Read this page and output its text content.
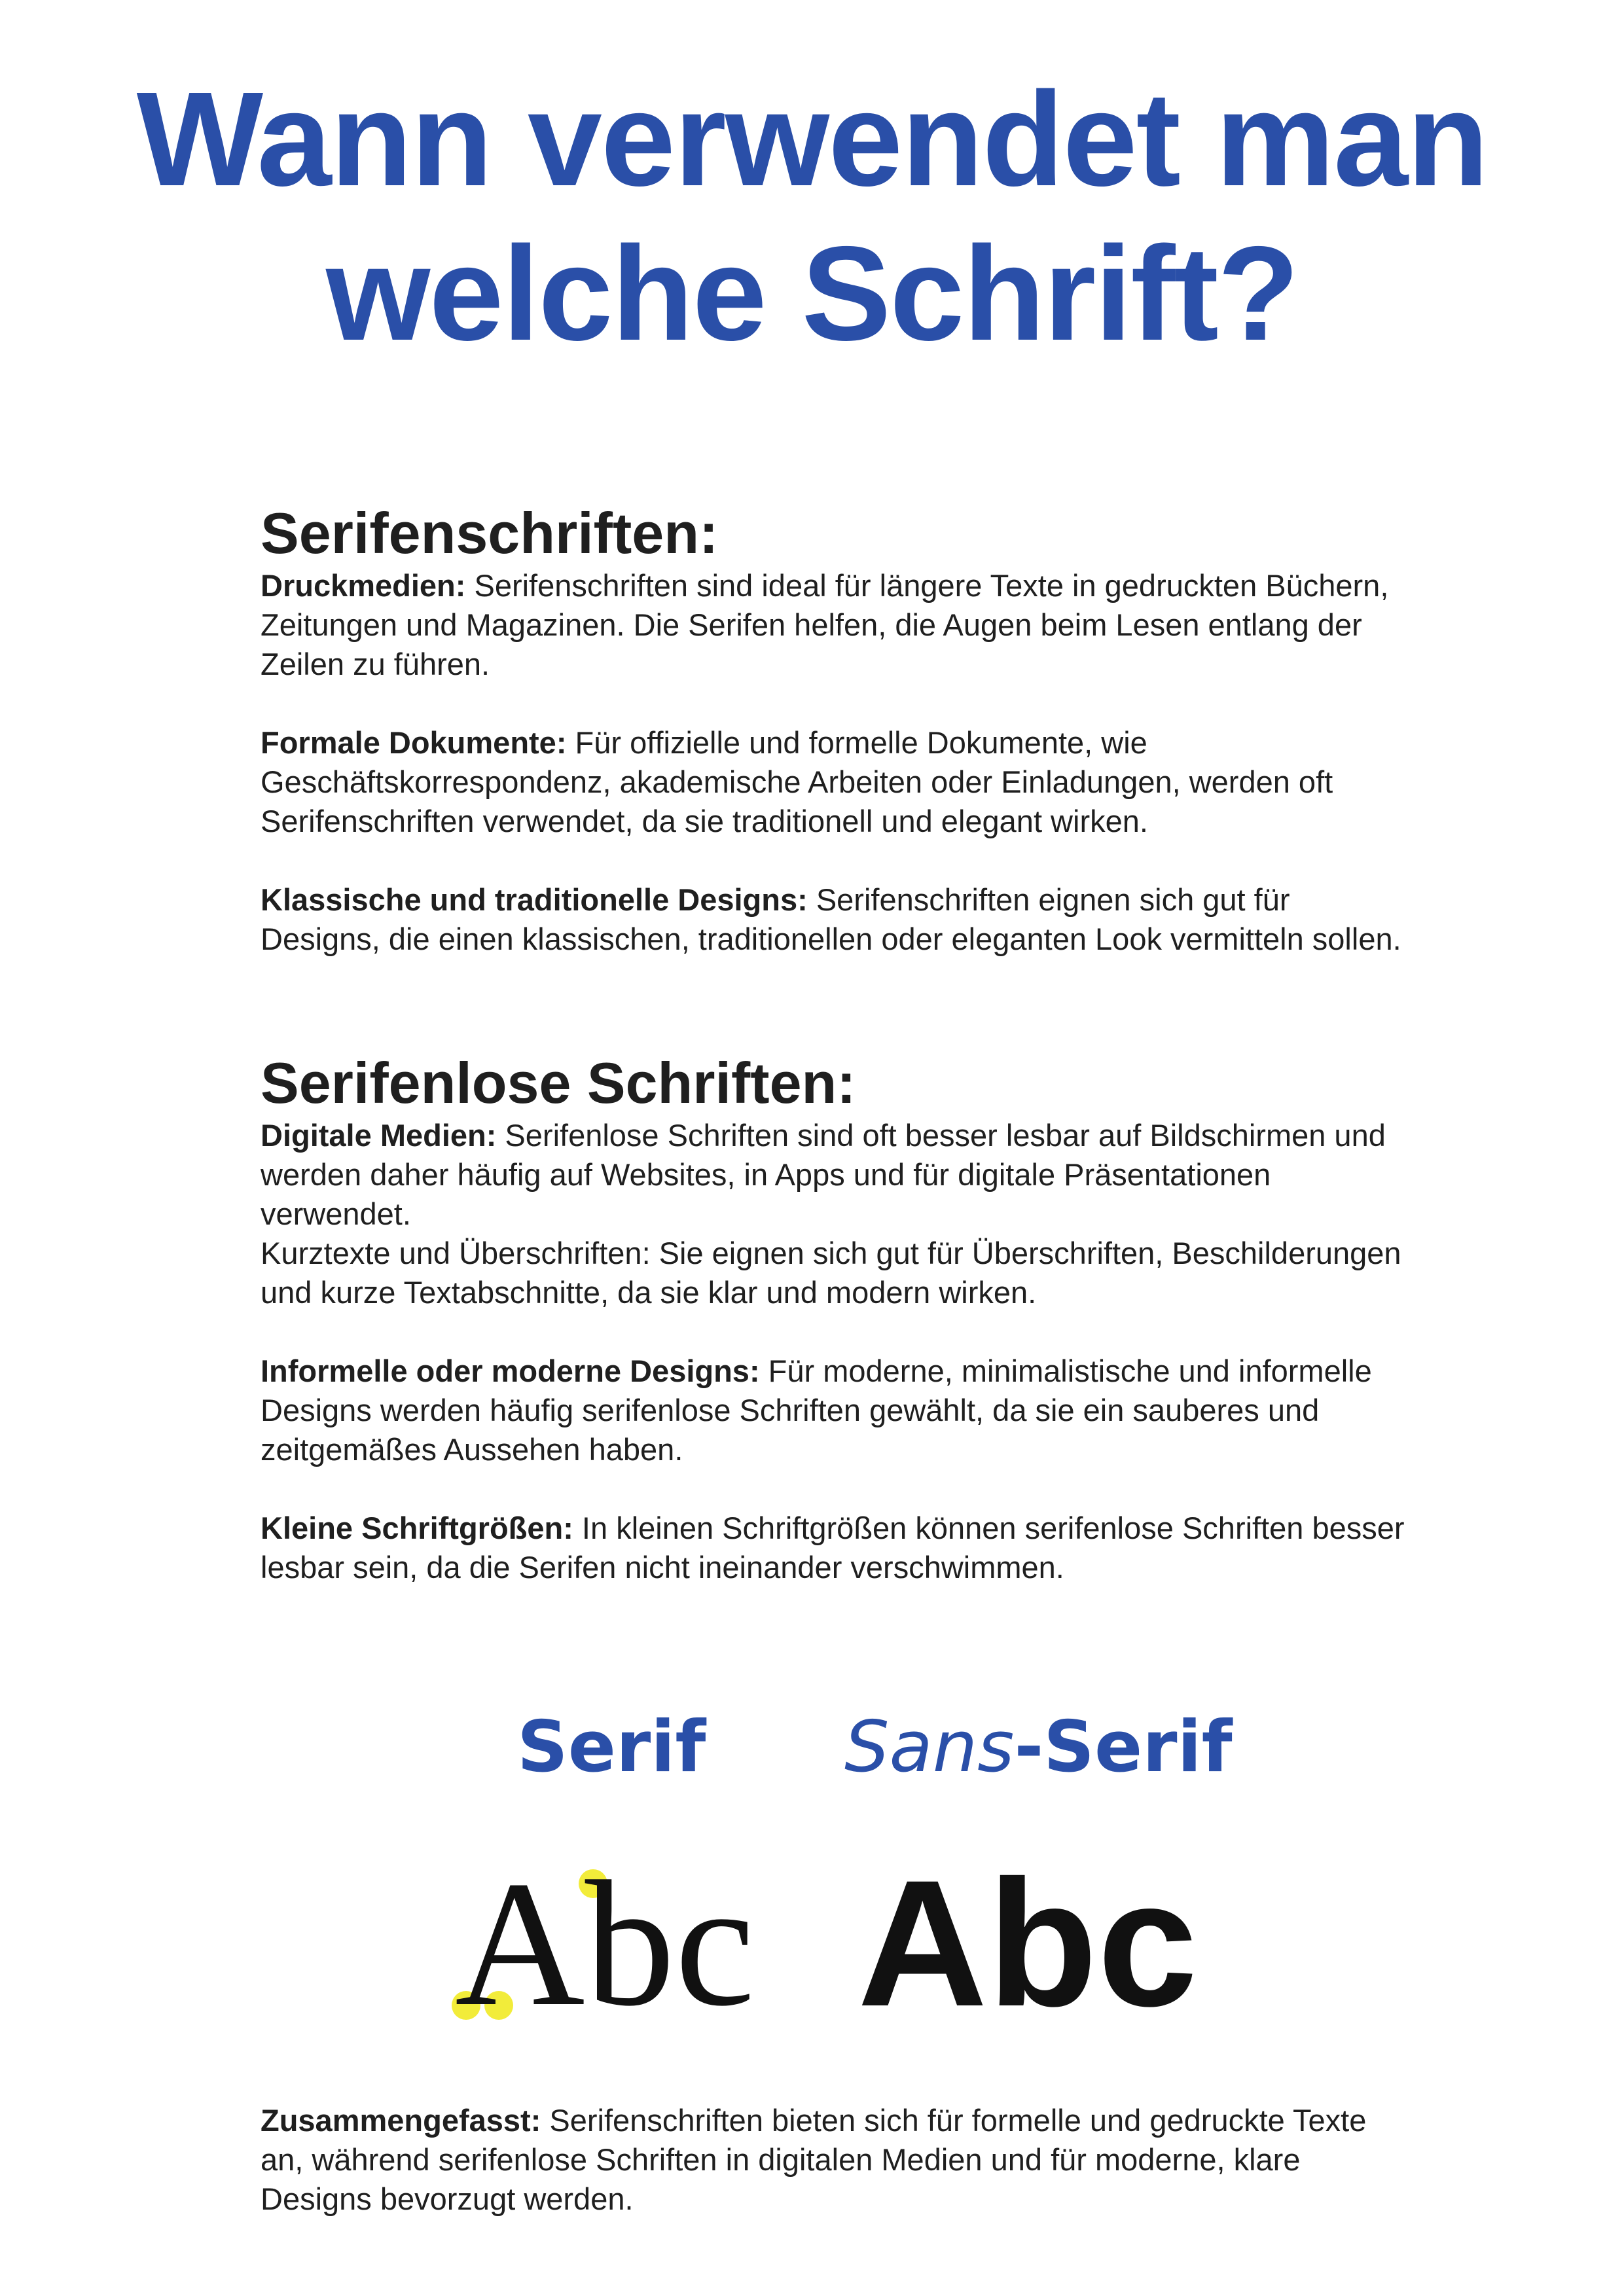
Wann verwendet man
welche Schrift?
Serifenschriften:

Druckmedien: Serifenschriften sind ideal für längere Texte in gedruckten Büchern, Zeitungen und Magazinen. Die Serifen helfen, die Augen beim Lesen entlang der Zeilen zu führen.

Formale Dokumente: Für offizielle und formelle Dokumente, wie Geschäftskorrespondenz, akademische Arbeiten oder Einladungen, werden oft Serifenschriften verwendet, da sie traditionell und elegant wirken.

Klassische und traditionelle Designs: Serifenschriften eignen sich gut für Designs, die einen klassischen, traditionellen oder eleganten Look vermitteln sollen.

Serifenlose Schriften:

Digitale Medien: Serifenlose Schriften sind oft besser lesbar auf Bildschirmen und werden daher häufig auf Websites, in Apps und für digitale Präsentationen verwendet.
Kurztexte und Überschriften: Sie eignen sich gut für Überschriften, Beschilderungen und kurze Textabschnitte, da sie klar und modern wirken.

Informelle oder moderne Designs: Für moderne, minimalistische und informelle Designs werden häufig serifenlose Schriften gewählt, da sie ein sauberes und zeitgemäßes Aussehen haben.

Kleine Schriftgrößen: In kleinen Schriftgrößen können serifenlose Schriften besser lesbar sein, da die Serifen nicht ineinander verschwimmen.

Serif Sans-Serif
Abc Abc

Zusammengefasst: Serifenschriften bieten sich für formelle und gedruckte Texte an, während serifenlose Schriften in digitalen Medien und für moderne, klare Designs bevorzugt werden.
